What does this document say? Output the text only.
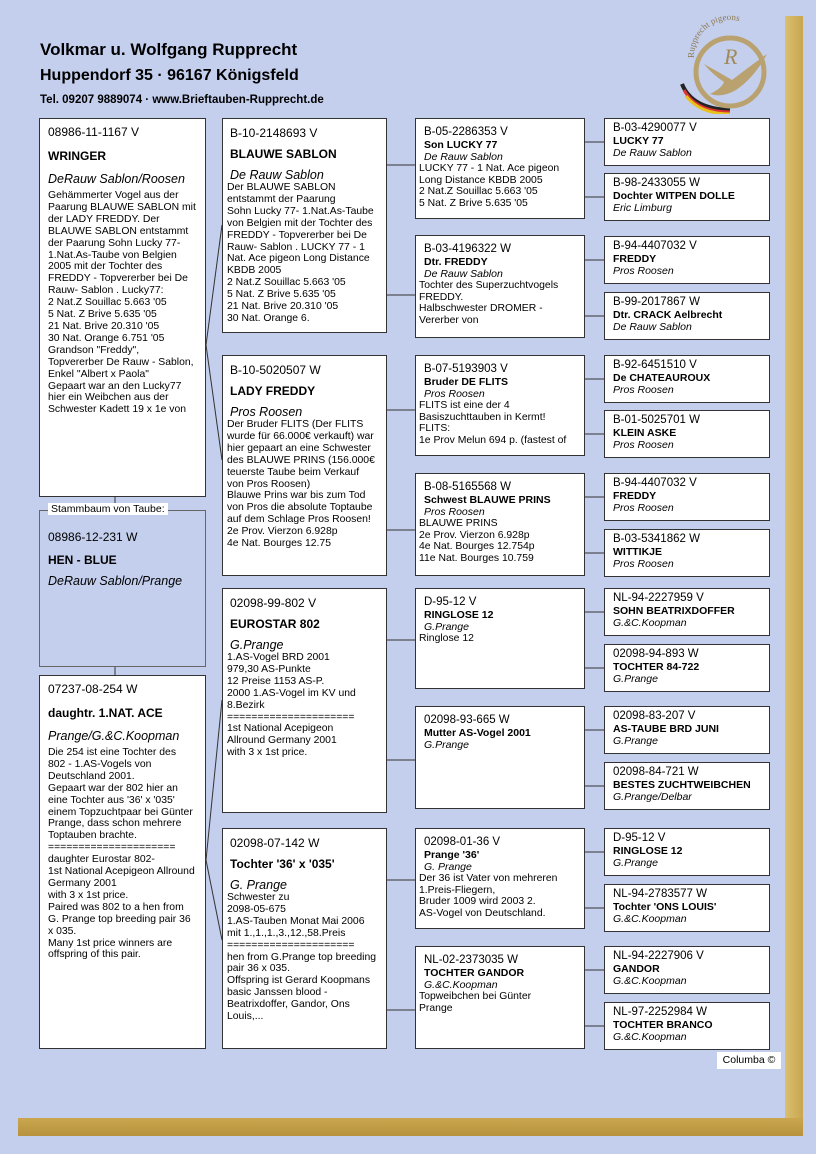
Volkmar u. Wolfgang Rupprecht
Huppendorf 35 · 96167 Königsfeld
Tel. 09207 9889074 · www.Brieftauben-Rupprecht.de
R
Rupprecht pigeons
08986-11-1167 V
WRINGER
DeRauw Sablon/Roosen
Gehämmerter Vogel aus der
Paarung BLAUWE SABLON mit
der LADY FREDDY. Der
BLAUWE SABLON entstammt
der Paarung Sohn Lucky 77-
1.Nat.As-Taube von Belgien
2005 mit der Tochter des
FREDDY - Topvererber bei De
Rauw- Sablon . Lucky77:
2 Nat.Z Souillac 5.663 '05
5 Nat. Z Brive 5.635 '05
21 Nat. Brive 20.310 '05
30 Nat. Orange 6.751 '05
Grandson "Freddy",
Topvererber De Rauw - Sablon,
Enkel "Albert x Paola"
Gepaart war an den Lucky77
hier ein Weibchen aus der
Schwester Kadett 19 x 1e von
Stammbaum von Taube:
08986-12-231 W
HEN - BLUE
DeRauw Sablon/Prange
07237-08-254 W
daughtr. 1.NAT. ACE
Prange/G.&C.Koopman
Die 254 ist eine Tochter des
802 - 1.AS-Vogels von
Deutschland 2001.
Gepaart war der 802 hier an
eine Tochter aus '36' x '035'
einem Topzuchtpaar bei Günter
Prange, dass schon mehrere
Toptauben brachte.
=====================
daughter Eurostar 802-
1st National Acepigeon Allround
Germany 2001
with 3 x 1st price.
Paired was 802 to a hen from
G. Prange top breeding pair 36
x 035.
Many 1st price winners are
offspring of this pair.
B-10-2148693 V
BLAUWE SABLON
De Rauw Sablon
Der BLAUWE SABLON
entstammt der Paarung
Sohn Lucky 77- 1.Nat.As-Taube
von Belgien mit der Tochter des
FREDDY - Topvererber bei De
Rauw- Sablon . LUCKY 77 - 1
Nat. Ace pigeon Long Distance
KBDB 2005
2 Nat.Z Souillac 5.663 '05
5 Nat. Z Brive 5.635 '05
21 Nat. Brive 20.310 '05
30 Nat. Orange 6.
B-10-5020507 W
LADY FREDDY
Pros Roosen
Der Bruder FLITS (Der FLITS
wurde für 66.000€ verkauft) war
hier gepaart an eine Schwester
des BLAUWE PRINS (156.000€
teuerste Taube beim Verkauf
von Pros Roosen)
Blauwe Prins war bis zum Tod
von Pros die absolute Toptaube
auf dem Schlage Pros Roosen!
2e Prov. Vierzon 6.928p
4e Nat. Bourges 12.75
02098-99-802 V
EUROSTAR 802
G.Prange
1.AS-Vogel BRD 2001
979,30 AS-Punkte
12 Preise 1153 AS-P.
2000 1.AS-Vogel im KV und
8.Bezirk
=====================
1st National Acepigeon
Allround Germany 2001
with 3 x 1st price.
02098-07-142 W
Tochter '36' x '035'
G. Prange
Schwester zu
2098-05-675
1.AS-Tauben Monat Mai 2006
mit 1.,1.,1.,3.,12.,58.Preis
=====================
hen from G.Prange top breeding
pair 36 x 035.
Offspring ist Gerard Koopmans
basic Janssen blood -
Beatrixdoffer, Gandor, Ons
Louis,...
B-05-2286353 V
Son LUCKY 77
De Rauw Sablon
LUCKY 77 - 1 Nat. Ace pigeon
Long Distance KBDB 2005
2 Nat.Z Souillac 5.663 '05
5 Nat. Z Brive 5.635 '05
B-03-4196322 W
Dtr. FREDDY
De Rauw Sablon
Tochter des Superzuchtvogels
FREDDY.
Halbschwester DROMER -
Vererber von
B-07-5193903 V
Bruder DE FLITS
Pros Roosen
FLITS ist eine der 4
Basiszuchttauben in Kermt!
FLITS:
1e Prov Melun 694 p. (fastest of
B-08-5165568 W
Schwest BLAUWE PRINS
Pros Roosen
BLAUWE PRINS
2e Prov. Vierzon 6.928p
4e Nat. Bourges 12.754p
11e Nat. Bourges 10.759
D-95-12 V
RINGLOSE 12
G.Prange
Ringlose 12
02098-93-665 W
Mutter AS-Vogel 2001
G.Prange
02098-01-36 V
Prange '36'
G. Prange
Der 36 ist Vater von mehreren
1.Preis-Fliegern,
Bruder 1009 wird 2003 2.
AS-Vogel von Deutschland.
NL-02-2373035 W
TOCHTER GANDOR
G.&C.Koopman
Topweibchen bei Günter
Prange
B-03-4290077 V
LUCKY 77
De Rauw Sablon
B-98-2433055 W
Dochter WITPEN DOLLE
Eric Limburg
B-94-4407032 V
FREDDY
Pros Roosen
B-99-2017867 W
Dtr. CRACK Aelbrecht
De Rauw Sablon
B-92-6451510 V
De CHATEAUROUX
Pros Roosen
B-01-5025701 W
KLEIN ASKE
Pros Roosen
B-94-4407032 V
FREDDY
Pros Roosen
B-03-5341862 W
WITTIKJE
Pros Roosen
NL-94-2227959 V
SOHN BEATRIXDOFFER
G.&C.Koopman
02098-94-893 W
TOCHTER 84-722
G.Prange
02098-83-207 V
AS-TAUBE BRD JUNI
G.Prange
02098-84-721 W
BESTES ZUCHTWEIBCHEN
G.Prange/Delbar
D-95-12 V
RINGLOSE 12
G.Prange
NL-94-2783577 W
Tochter 'ONS LOUIS'
G.&C.Koopman
NL-94-2227906 V
GANDOR
G.&C.Koopman
NL-97-2252984 W
TOCHTER BRANCO
G.&C.Koopman
Columba ©
